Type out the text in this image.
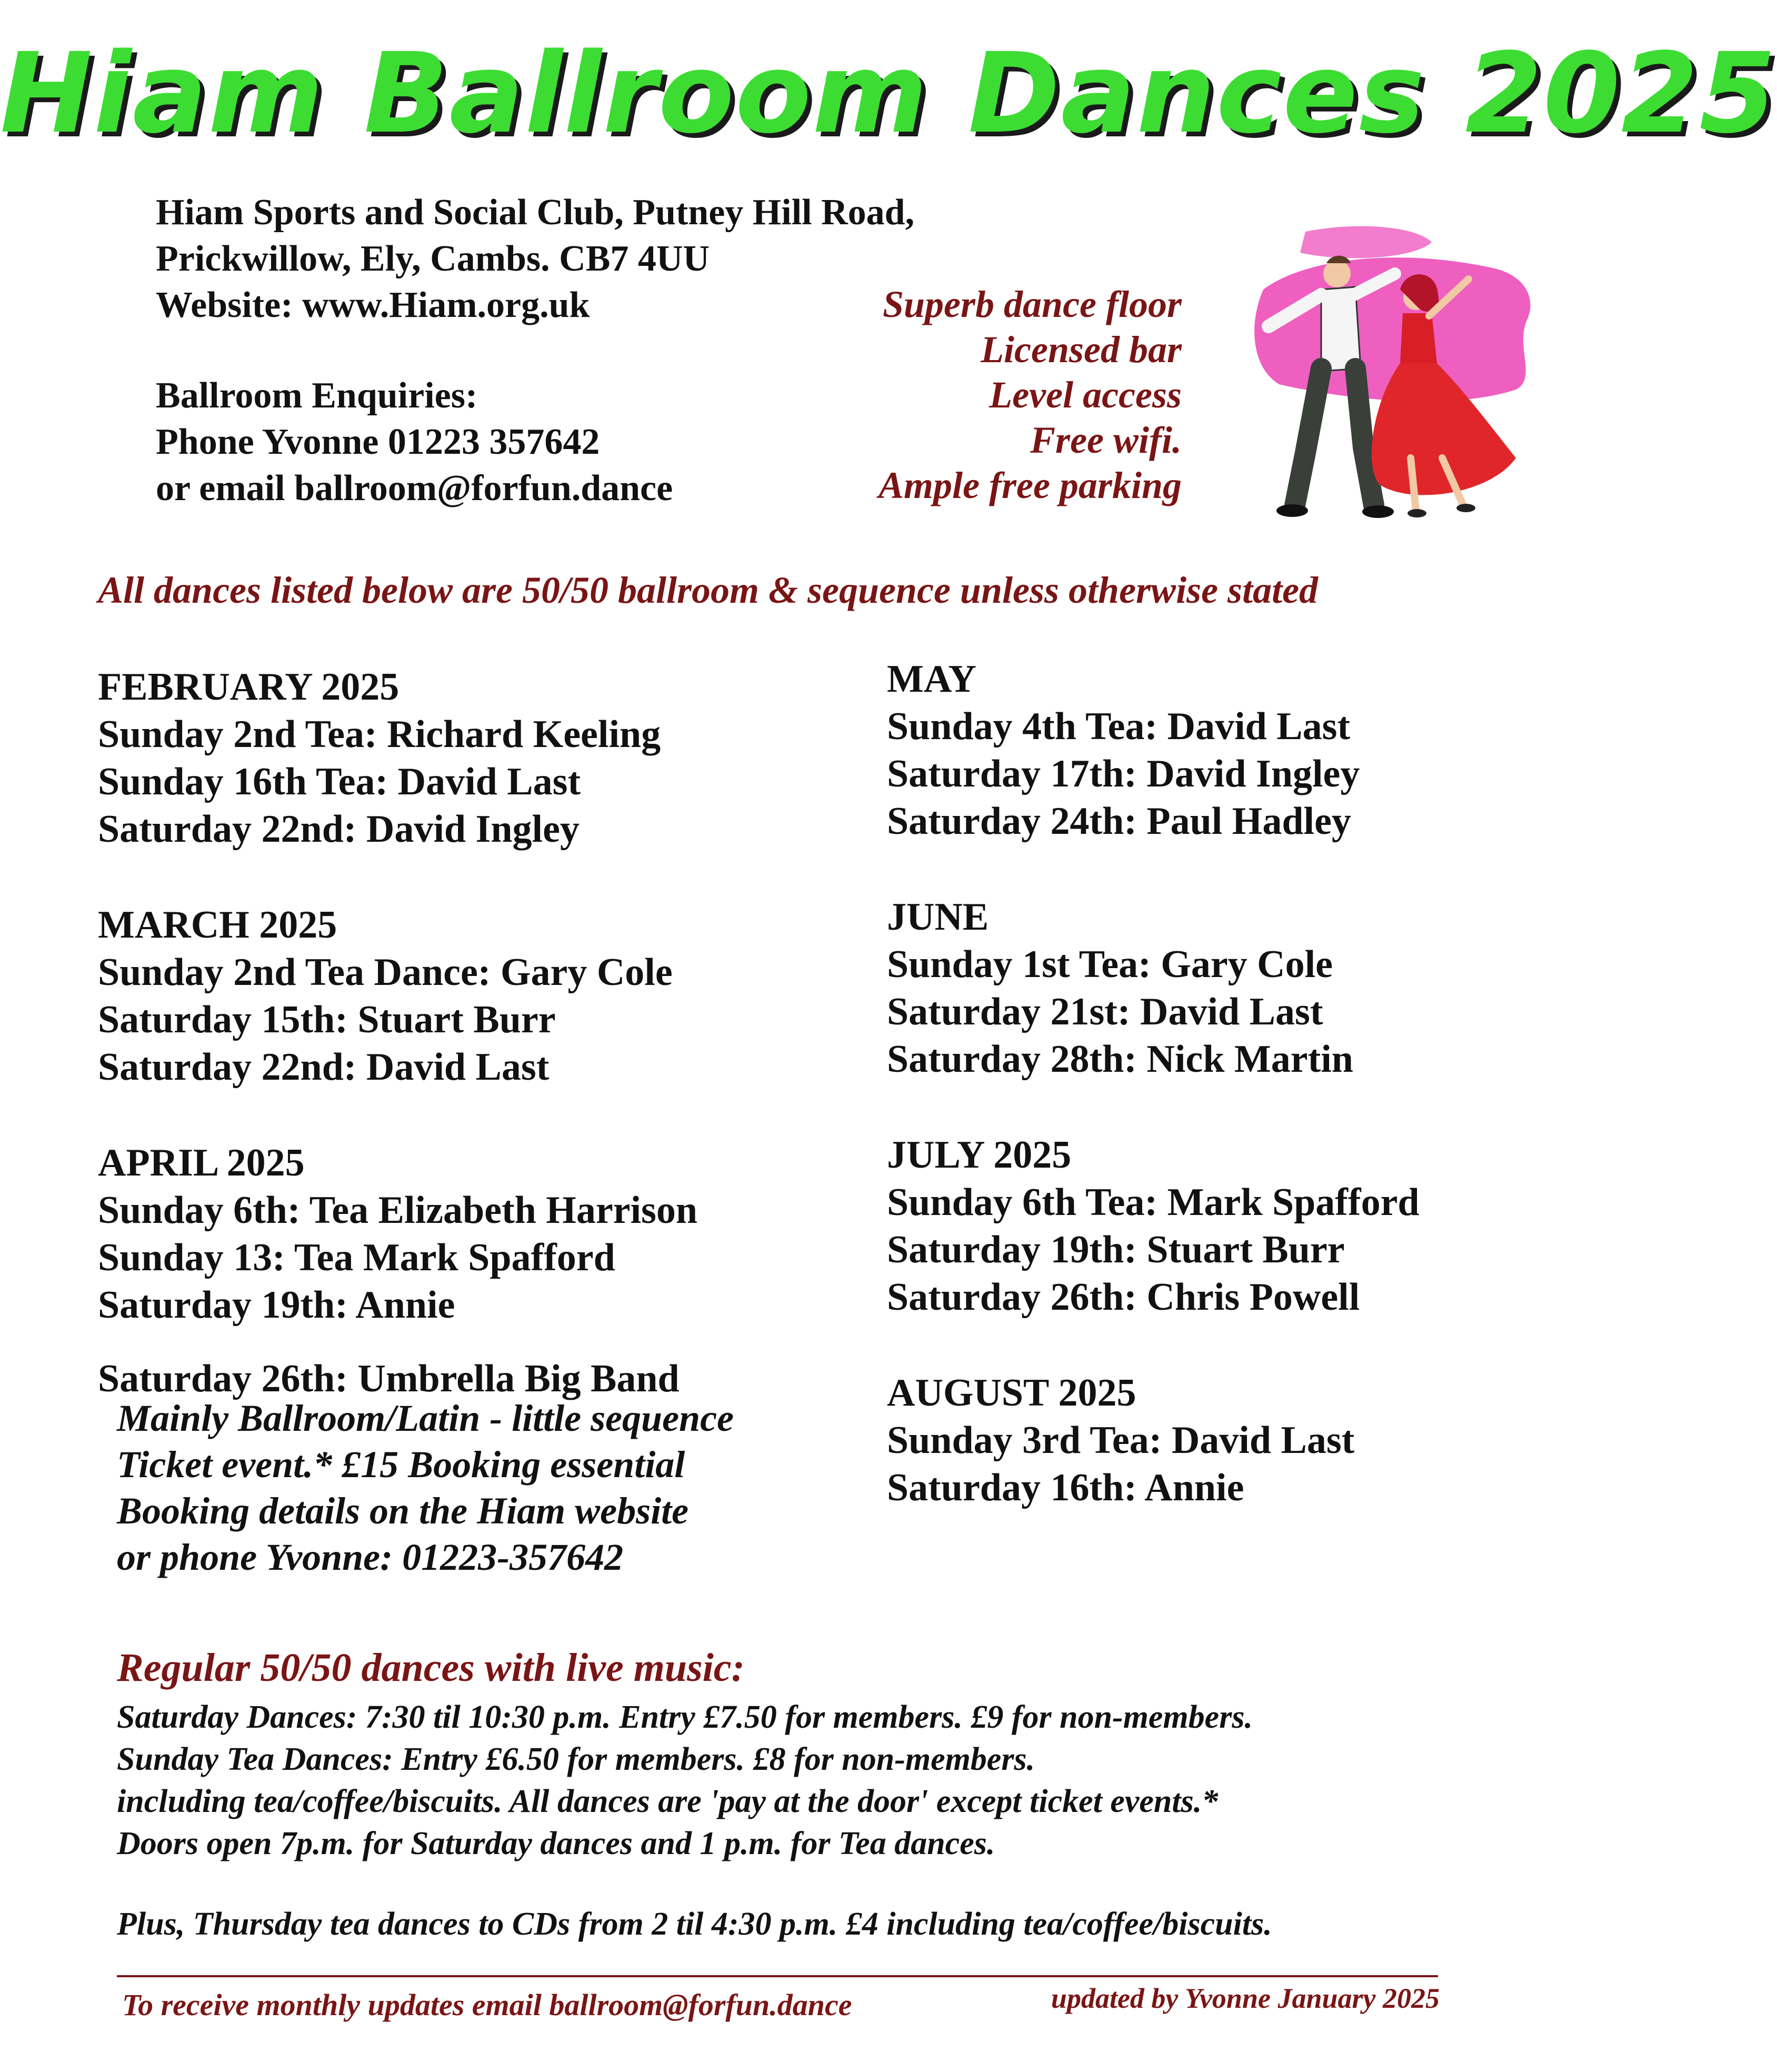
Hiam Ballroom Dances 2025
Hiam Sports and Social Club, Putney Hill Road,
Prickwillow, Ely, Cambs. CB7 4UU
Website: www.Hiam.org.uk
Ballroom Enquiries:
Phone Yvonne 01223 357642
or email ballroom@forfun.dance
Superb dance floor
Licensed bar
Level access
Free wifi.
Ample free parking
All dances listed below are 50/50 ballroom & sequence unless otherwise stated
FEBRUARY 2025
Sunday 2nd Tea: Richard Keeling
Sunday 16th Tea: David Last
Saturday 22nd: David Ingley
MARCH 2025
Sunday 2nd Tea Dance: Gary Cole
Saturday 15th: Stuart Burr
Saturday 22nd: David Last
APRIL 2025
Sunday 6th: Tea Elizabeth Harrison
Sunday 13: Tea Mark Spafford
Saturday 19th: Annie
Saturday 26th: Umbrella Big Band
Mainly Ballroom/Latin - little sequence
Ticket event.* £15 Booking essential
Booking details on the Hiam website
or phone Yvonne: 01223-357642
MAY
Sunday 4th Tea: David Last
Saturday 17th: David Ingley
Saturday 24th: Paul Hadley
JUNE
Sunday 1st Tea: Gary Cole
Saturday 21st: David Last
Saturday 28th: Nick Martin
JULY 2025
Sunday 6th Tea: Mark Spafford
Saturday 19th: Stuart Burr
Saturday 26th: Chris Powell
AUGUST 2025
Sunday 3rd Tea: David Last
Saturday 16th: Annie
Regular 50/50 dances with live music:
Saturday Dances: 7:30 til 10:30 p.m. Entry £7.50 for members. £9 for non-members.
Sunday Tea Dances: Entry £6.50 for members. £8 for non-members.
including tea/coffee/biscuits. All dances are 'pay at the door' except ticket events.*
Doors open 7p.m. for Saturday dances and 1 p.m. for Tea dances.
Plus, Thursday tea dances to CDs from 2 til 4:30 p.m. £4 including tea/coffee/biscuits.
To receive monthly updates email ballroom@forfun.dance	updated by Yvonne January 2025
